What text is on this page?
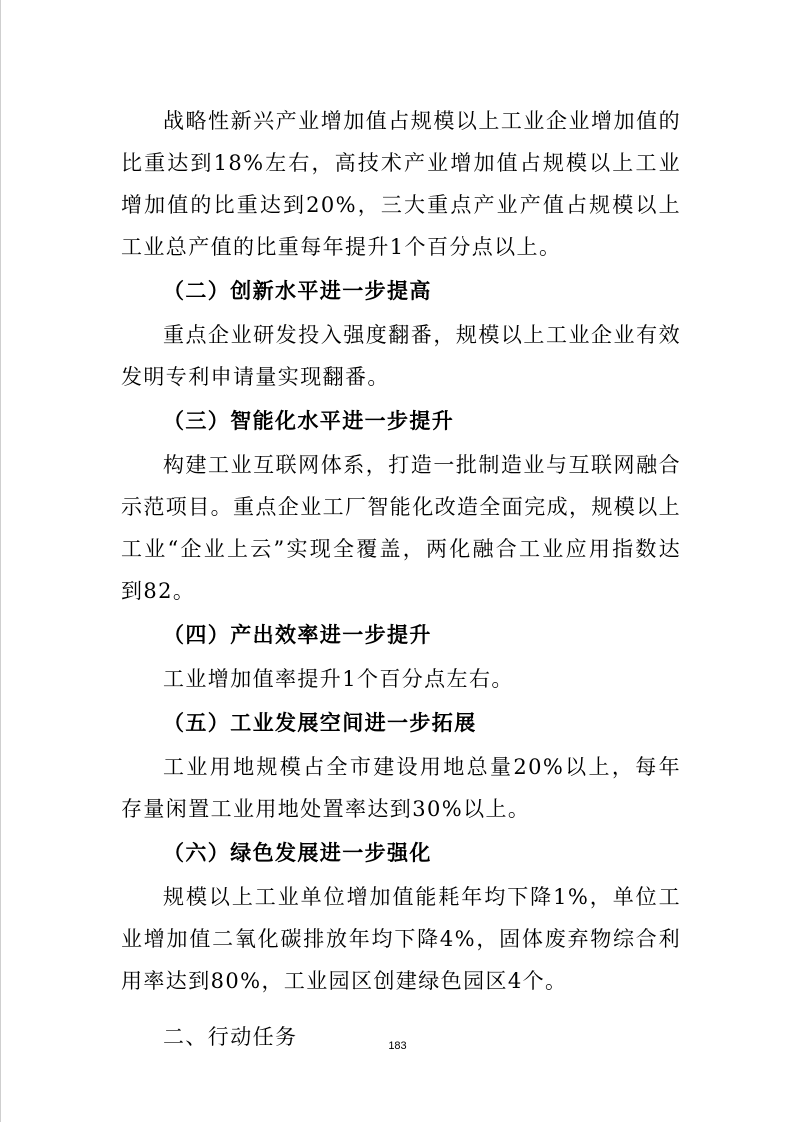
战略性新兴产业增加值占规模以上工业企业增加值的比重达到18%左右，高技术产业增加值占规模以上工业增加值的比重达到20%，三大重点产业产值占规模以上工业总产值的比重每年提升1个百分点以上。

（二）创新水平进一步提高

重点企业研发投入强度翻番，规模以上工业企业有效发明专利申请量实现翻番。

（三）智能化水平进一步提升

构建工业互联网体系，打造一批制造业与互联网融合示范项目。重点企业工厂智能化改造全面完成，规模以上工业“企业上云”实现全覆盖，两化融合工业应用指数达到82。

（四）产出效率进一步提升

工业增加值率提升1个百分点左右。

（五）工业发展空间进一步拓展

工业用地规模占全市建设用地总量20%以上，每年存量闲置工业用地处置率达到30%以上。

（六）绿色发展进一步强化

规模以上工业单位增加值能耗年均下降1%，单位工业增加值二氧化碳排放年均下降4%，固体废弃物综合利用率达到80%，工业园区创建绿色园区4个。

二、行动任务	183
